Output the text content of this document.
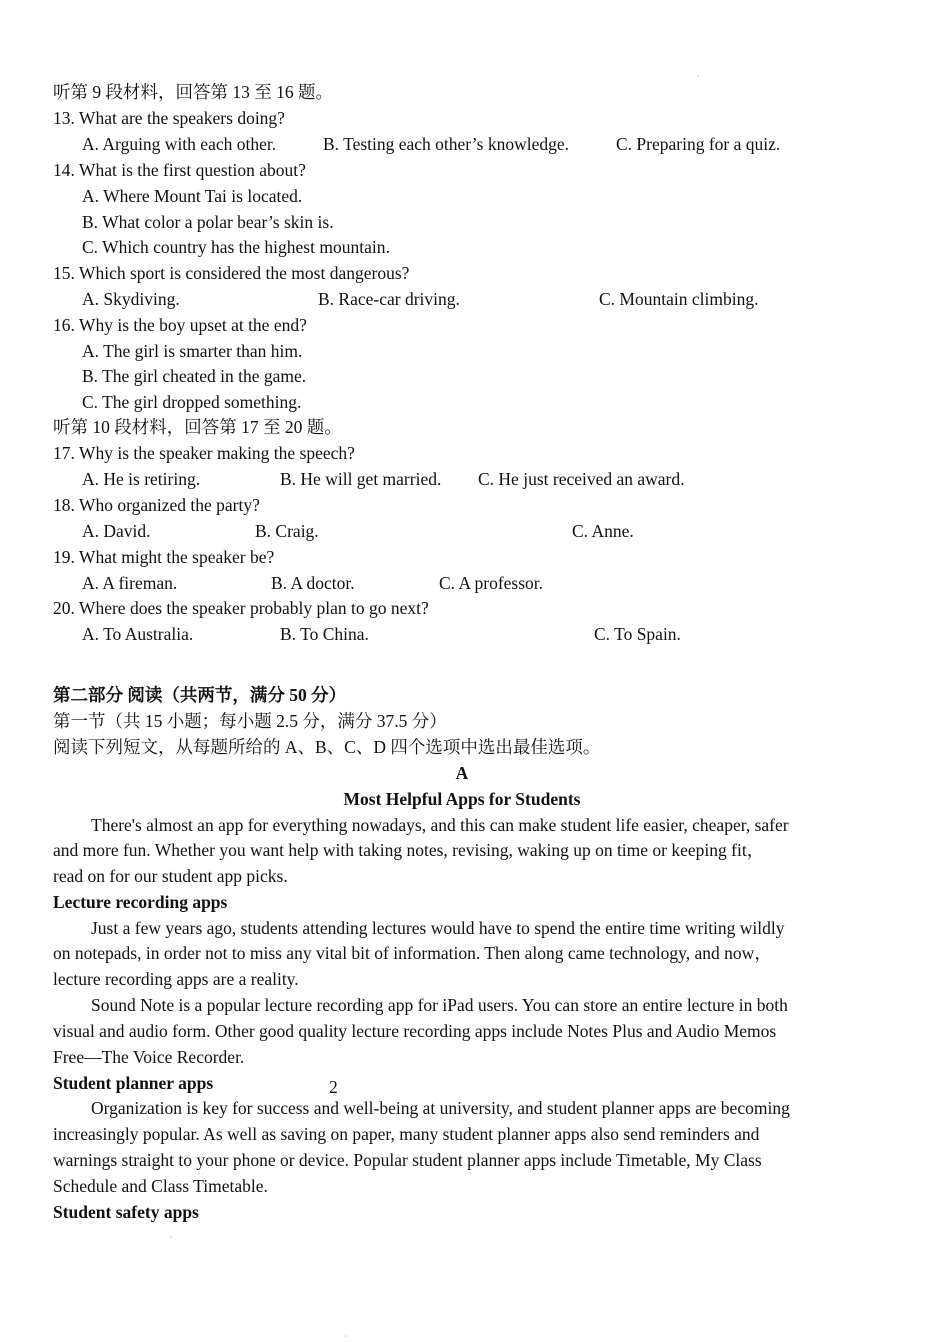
听第 9 段材料，回答第 13 至 16 题。
13. What are the speakers doing?
A. Arguing with each other.	B. Testing each other’s knowledge.	C. Preparing for a quiz.
14. What is the first question about?
A. Where Mount Tai is located.
B. What color a polar bear’s skin is.
C. Which country has the highest mountain.
15. Which sport is considered the most dangerous?
A. Skydiving.	B. Race-car driving.	C. Mountain climbing.
16. Why is the boy upset at the end?
A. The girl is smarter than him.
B. The girl cheated in the game.
C. The girl dropped something.
听第 10 段材料，回答第 17 至 20 题。
17. Why is the speaker making the speech?
A. He is retiring.	B. He will get married. C. He just received an award.
18. Who organized the party?
A. David.	B. Craig.	C. Anne.
19. What might the speaker be?
A. A fireman.	B. A doctor.	C. A professor.
20. Where does the speaker probably plan to go next?
A. To Australia.	B. To China.	C. To Spain.
第二部分 阅读（共两节，满分 50 分）
第一节（共 15 小题；每小题 2.5 分，满分 37.5 分）
阅读下列短文，从每题所给的 A、B、C、D 四个选项中选出最佳选项。
A
Most Helpful Apps for Students
There's almost an app for everything nowadays, and this can make student life easier, cheaper, safer
and more fun. Whether you want help with taking notes, revising, waking up on time or keeping fit，
read on for our student app picks.
Lecture recording apps
Just a few years ago, students attending lectures would have to spend the entire time writing wildly
on notepads, in order not to miss any vital bit of information. Then along came technology, and now，
lecture recording apps are a reality.
Sound Note is a popular lecture recording app for iPad users. You can store an entire lecture in both
visual and audio form. Other good quality lecture recording apps include Notes Plus and Audio Memos
Free—The Voice Recorder.
Student planner apps	2
Organization is key for success and well-being at university, and student planner apps are becoming
increasingly popular. As well as saving on paper, many student planner apps also send reminders and
warnings straight to your phone or device. Popular student planner apps include Timetable, My Class
Schedule and Class Timetable.
Student safety apps
ˇ
ˇ
ˇ
